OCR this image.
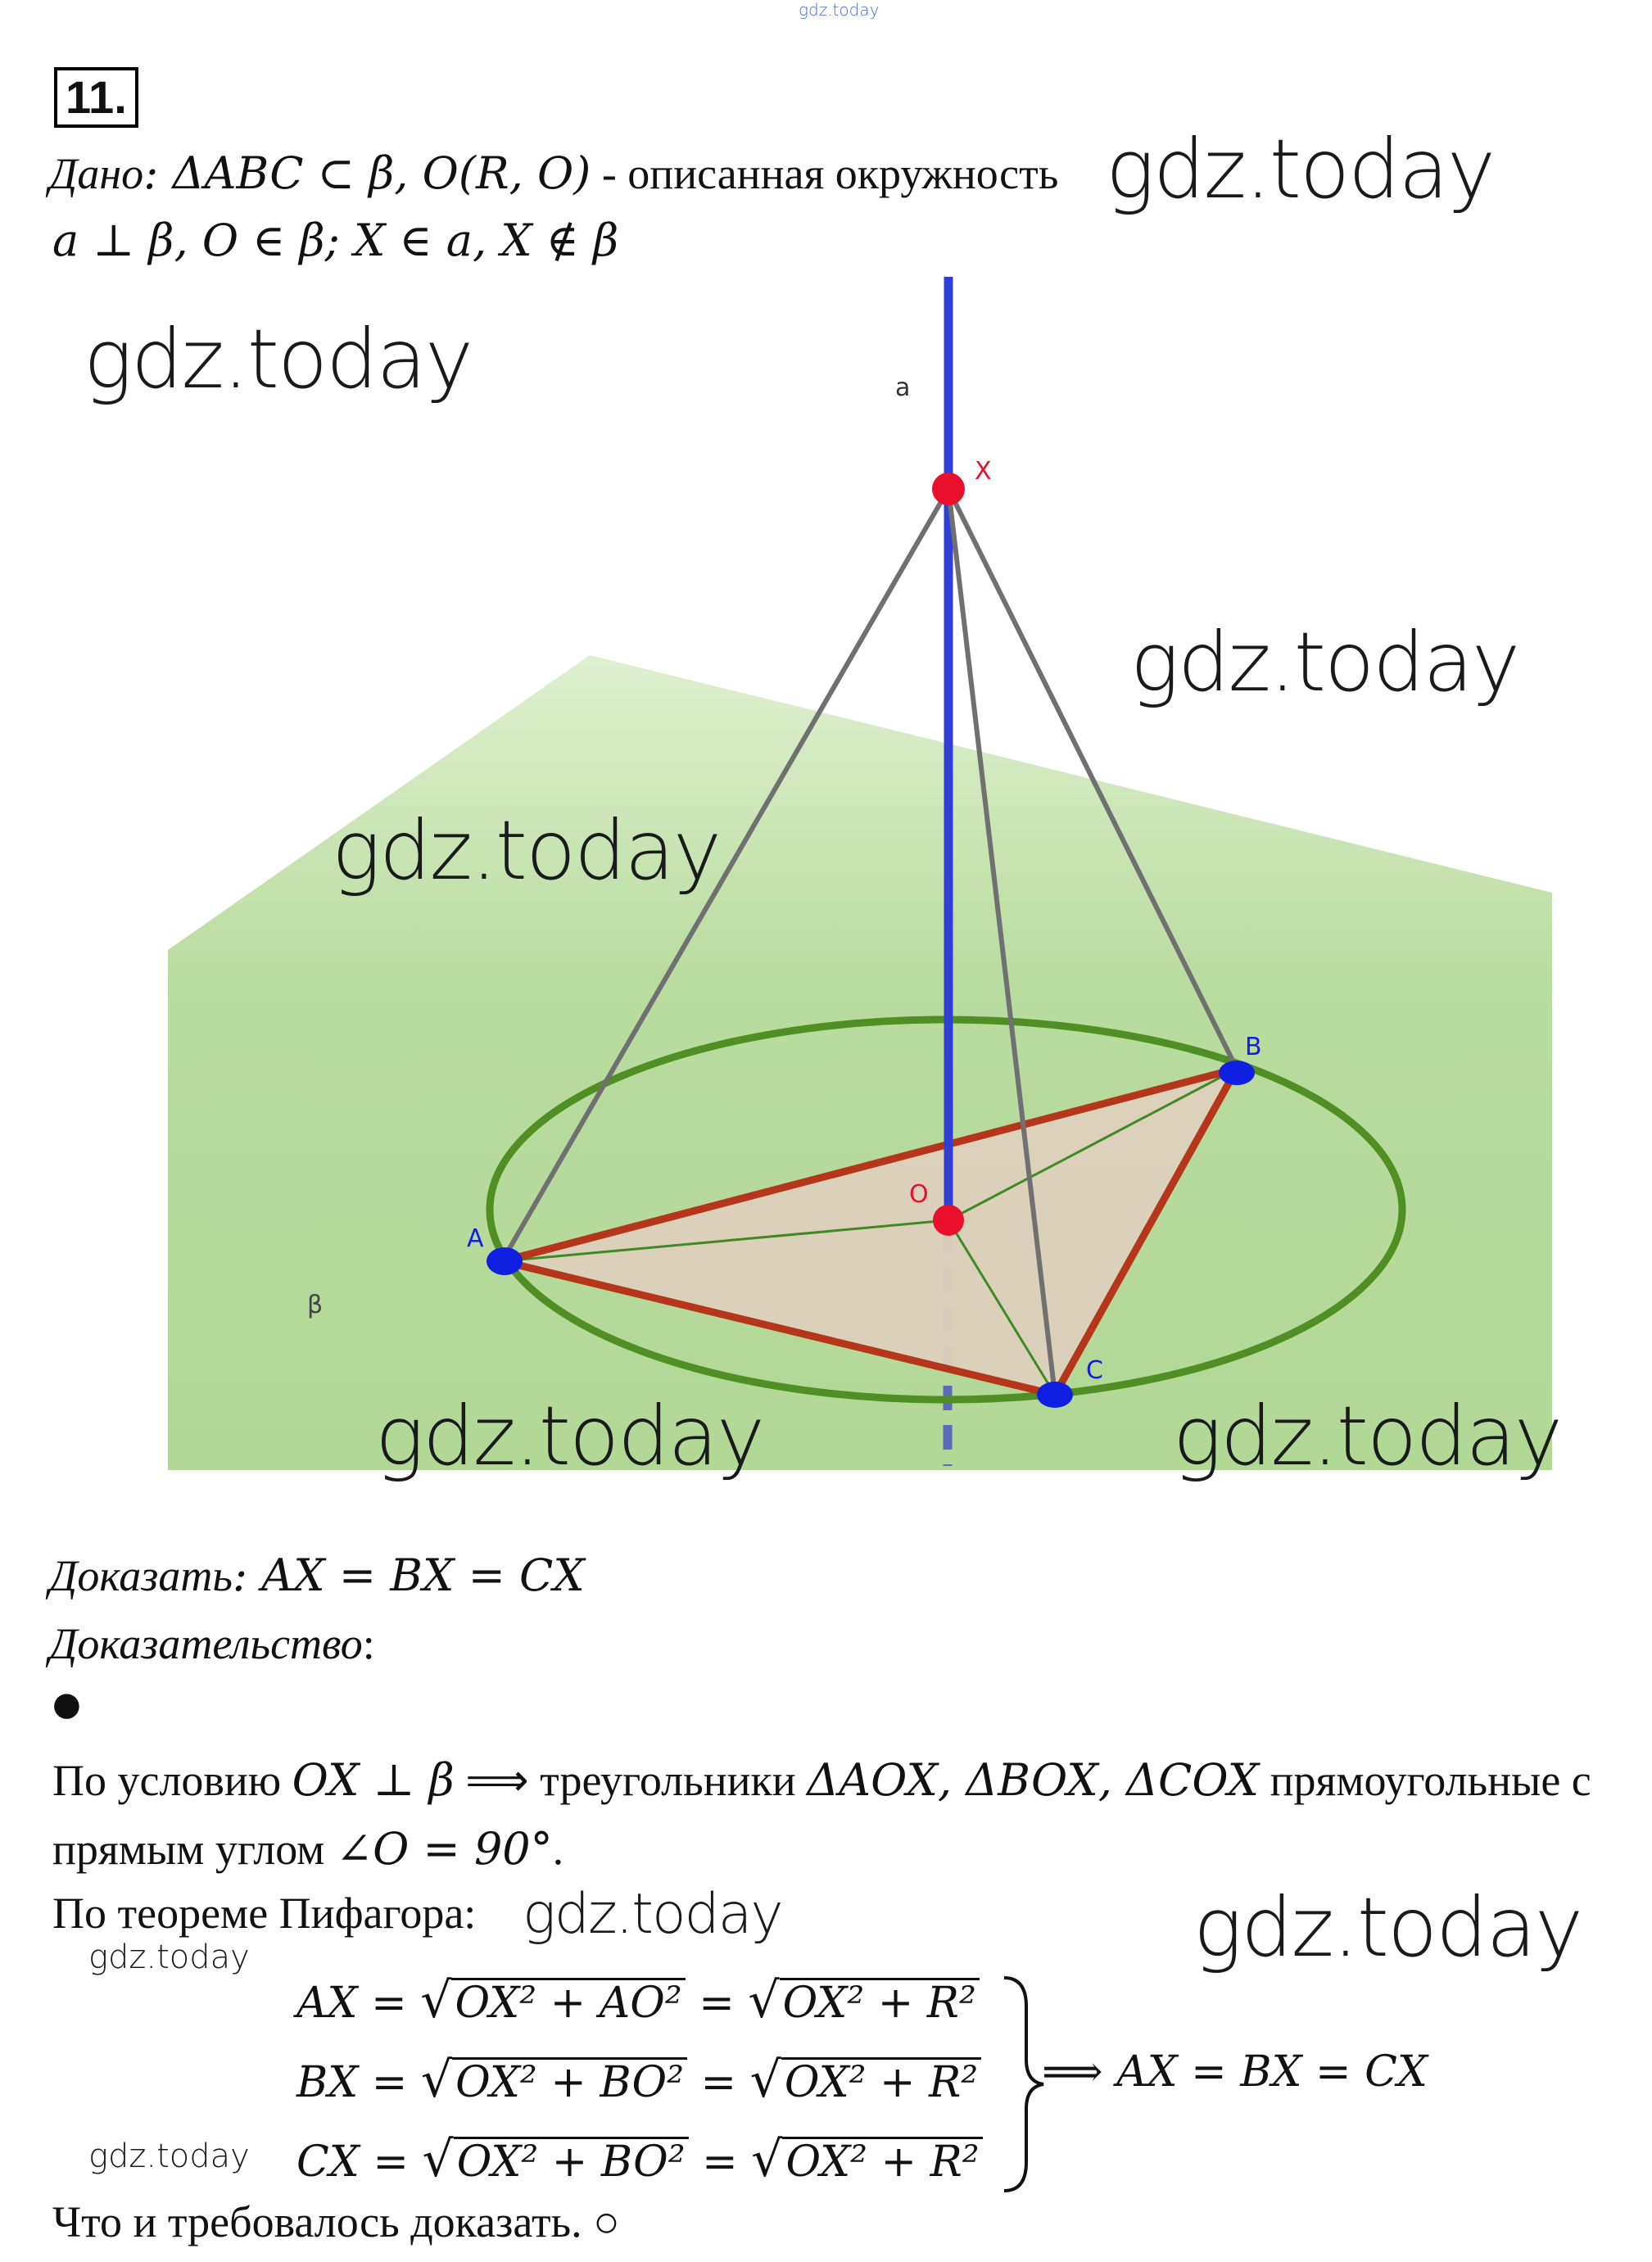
gdz.today
11.
Дано: ΔABC ⊂ β, 𝑂(R, O) - описанная окружность
a ⊥ β, O ∈ β; X ∈ a, X ∉ β
a
X
B
O
A
C
β
gdz.today
gdz.today
gdz.today
gdz.today
gdz.today	gdz.today
gdz.today
gdz.today
gdz.today
gdz.today
Доказать: AX = BX = CX
Доказательство:
●
По условию OX ⊥ β ⟹ треугольники ΔAOX, ΔBOX, ΔCOX прямоугольные с
прямым углом ∠O = 90°.
По теореме Пифагора:
AX = √OX² + AO² = √OX² + R²
BX = √OX² + BO² = √OX² + R²
CX = √OX² + BO² = √OX² + R²
⟹ AX = BX = CX
Что и требовалось доказать. ○
